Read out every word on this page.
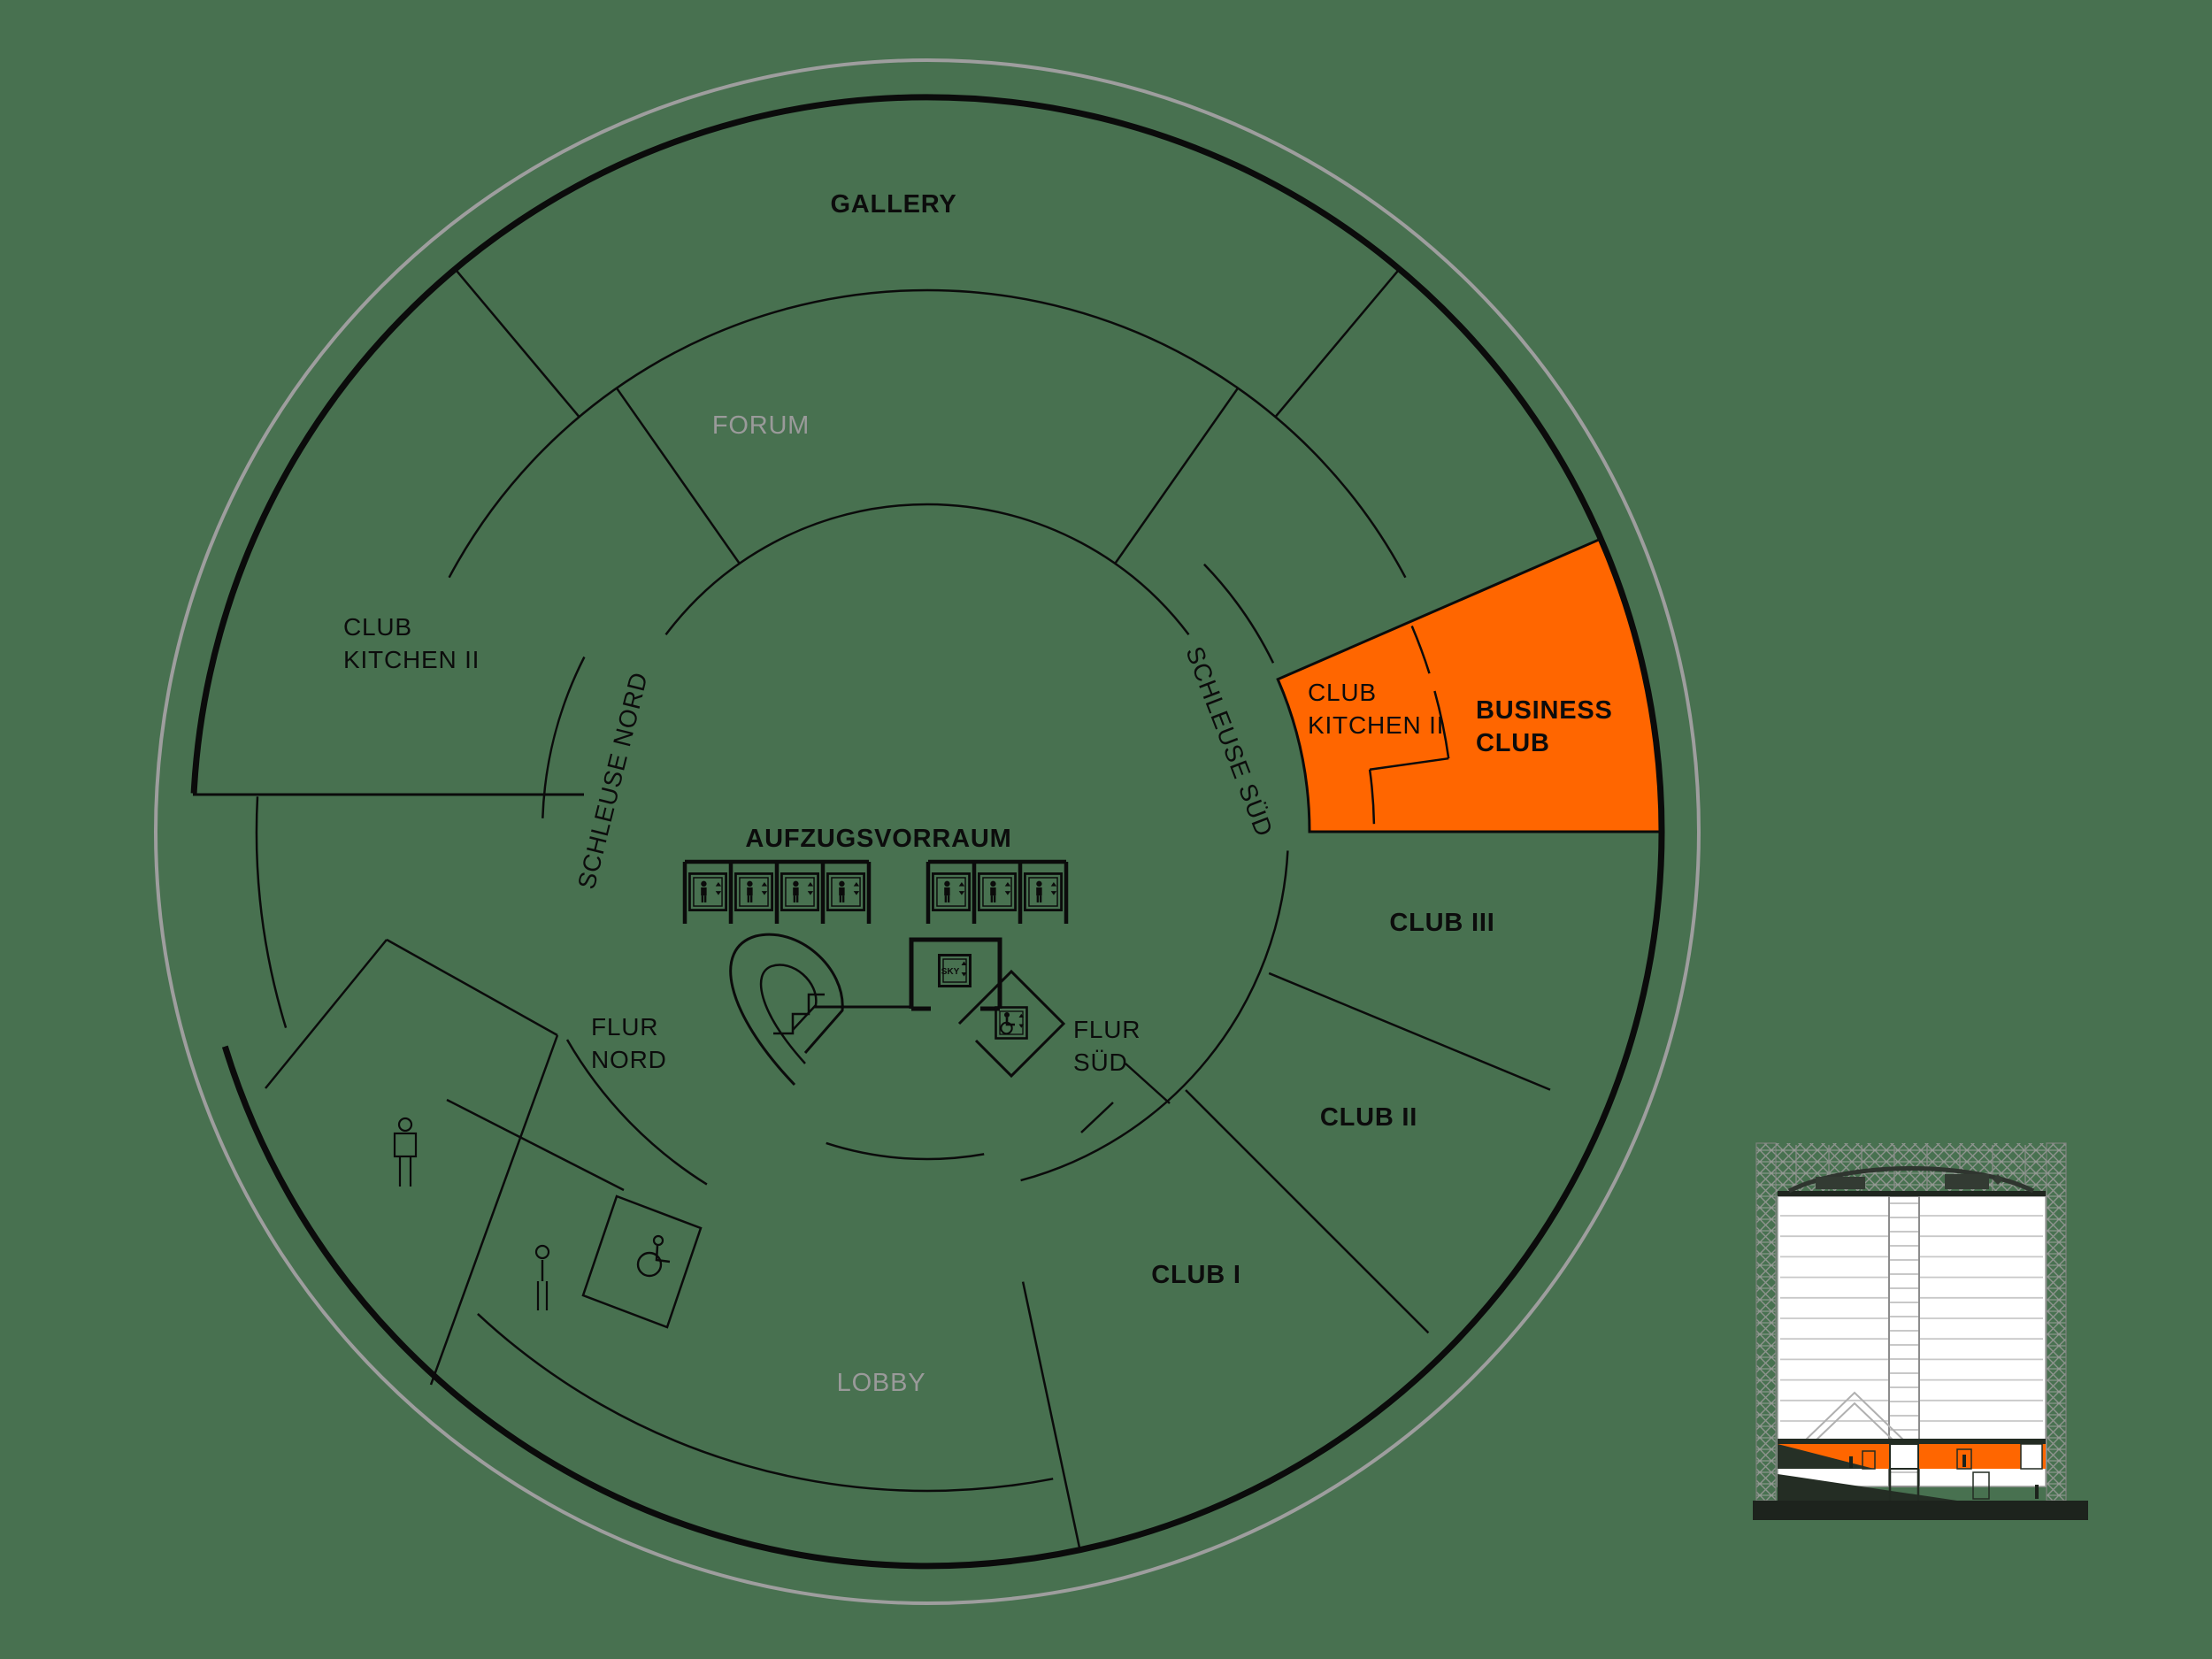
SKY
GALLERY
FORUM
CLUB
KITCHEN II
SCHLEUSE NORD	SCHLEUSE SÜD
AUFZUGSVORRAUM
CLUB
KITCHEN II
BUSINESS
CLUB
CLUB III
CLUB II
CLUB I
FLUR
NORD
FLUR
SÜD
LOBBY
